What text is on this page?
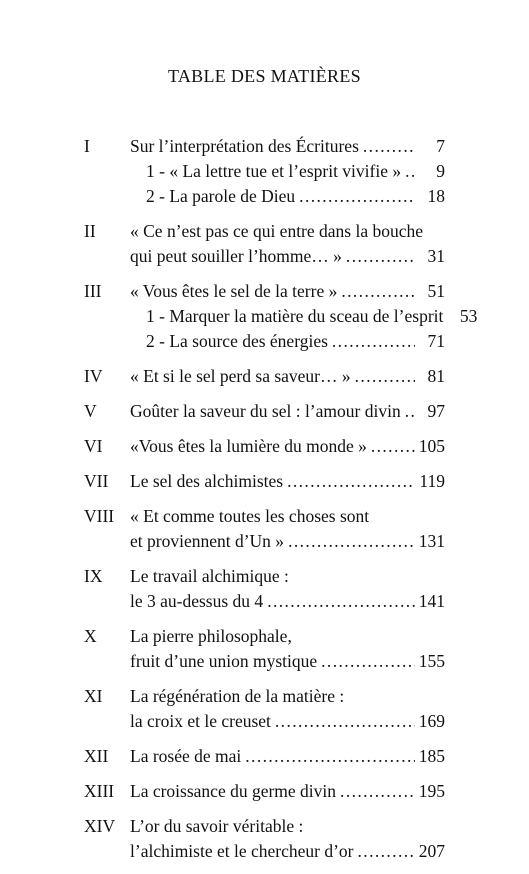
TABLE DES MATIÈRES
I Sur l’interprétation des Écritures .....	7
1 - « La lettre tue et l’esprit vivifie » .....	9
2 - La parole de Dieu .....	18
II « Ce n’est pas ce qui entre dans la bouche
qui peut souiller l’homme… » .....	31
III « Vous êtes le sel de la terre » .....	51
1 - Marquer la matière du sceau de l’esprit 53
2 - La source des énergies .....	71
IV « Et si le sel perd sa saveur… » .....	81
V Goûter la saveur du sel : l’amour divin .....	97
VI «Vous êtes la lumière du monde » .....	105
VII Le sel des alchimistes .....	119
VIII « Et comme toutes les choses sont
et proviennent d’Un » .....	131
IX Le travail alchimique :
le 3 au-dessus du 4 .....	141
X La pierre philosophale,
fruit d’une union mystique .....	155
XI La régénération de la matière :
la croix et le creuset .....	169
XII La rosée de mai .....	185
XIII La croissance du germe divin .....	195
XIV L’or du savoir véritable :
l’alchimiste et le chercheur d’or .....	207
